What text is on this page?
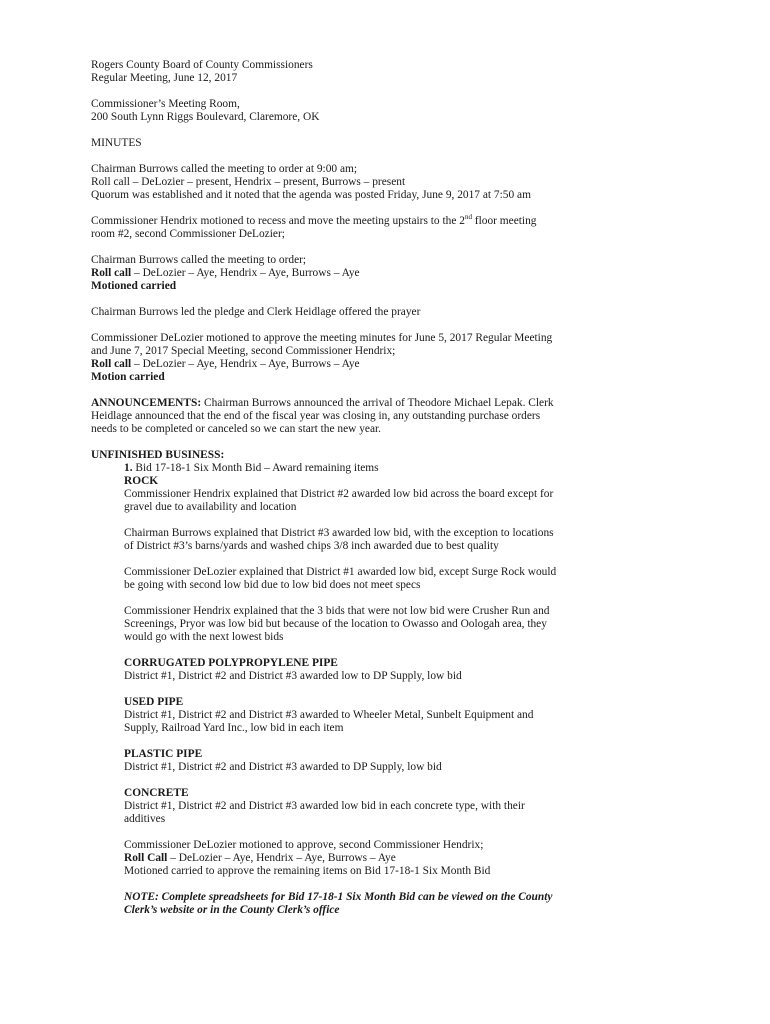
Rogers County Board of County Commissioners
Regular Meeting, June 12, 2017
Commissioner’s Meeting Room,
200 South Lynn Riggs Boulevard, Claremore, OK
MINUTES
Chairman Burrows called the meeting to order at 9:00 am;
Roll call – DeLozier – present, Hendrix – present, Burrows – present
Quorum was established and it noted that the agenda was posted Friday, June 9, 2017 at 7:50 am
Commissioner Hendrix motioned to recess and move the meeting upstairs to the 2nd floor meeting
room #2, second Commissioner DeLozier;
Chairman Burrows called the meeting to order;
Roll call – DeLozier – Aye, Hendrix – Aye, Burrows – Aye
Motioned carried
Chairman Burrows led the pledge and Clerk Heidlage offered the prayer
Commissioner DeLozier motioned to approve the meeting minutes for June 5, 2017 Regular Meeting
and June 7, 2017 Special Meeting, second Commissioner Hendrix;
Roll call – DeLozier – Aye, Hendrix – Aye, Burrows – Aye
Motion carried
ANNOUNCEMENTS: Chairman Burrows announced the arrival of Theodore Michael Lepak. Clerk
Heidlage announced that the end of the fiscal year was closing in, any outstanding purchase orders
needs to be completed or canceled so we can start the new year.
UNFINISHED BUSINESS:
1. Bid 17-18-1 Six Month Bid – Award remaining items
ROCK
Commissioner Hendrix explained that District #2 awarded low bid across the board except for
gravel due to availability and location
Chairman Burrows explained that District #3 awarded low bid, with the exception to locations
of District #3’s barns/yards and washed chips 3/8 inch awarded due to best quality
Commissioner DeLozier explained that District #1 awarded low bid, except Surge Rock would
be going with second low bid due to low bid does not meet specs
Commissioner Hendrix explained that the 3 bids that were not low bid were Crusher Run and
Screenings, Pryor was low bid but because of the location to Owasso and Oologah area, they
would go with the next lowest bids
CORRUGATED POLYPROPYLENE PIPE
District #1, District #2 and District #3 awarded low to DP Supply, low bid
USED PIPE
District #1, District #2 and District #3 awarded to Wheeler Metal, Sunbelt Equipment and
Supply, Railroad Yard Inc., low bid in each item
PLASTIC PIPE
District #1, District #2 and District #3 awarded to DP Supply, low bid
CONCRETE
District #1, District #2 and District #3 awarded low bid in each concrete type, with their
additives
Commissioner DeLozier motioned to approve, second Commissioner Hendrix;
Roll Call – DeLozier – Aye, Hendrix – Aye, Burrows – Aye
Motioned carried to approve the remaining items on Bid 17-18-1 Six Month Bid
NOTE: Complete spreadsheets for Bid 17-18-1 Six Month Bid can be viewed on the County
Clerk’s website or in the County Clerk’s office
